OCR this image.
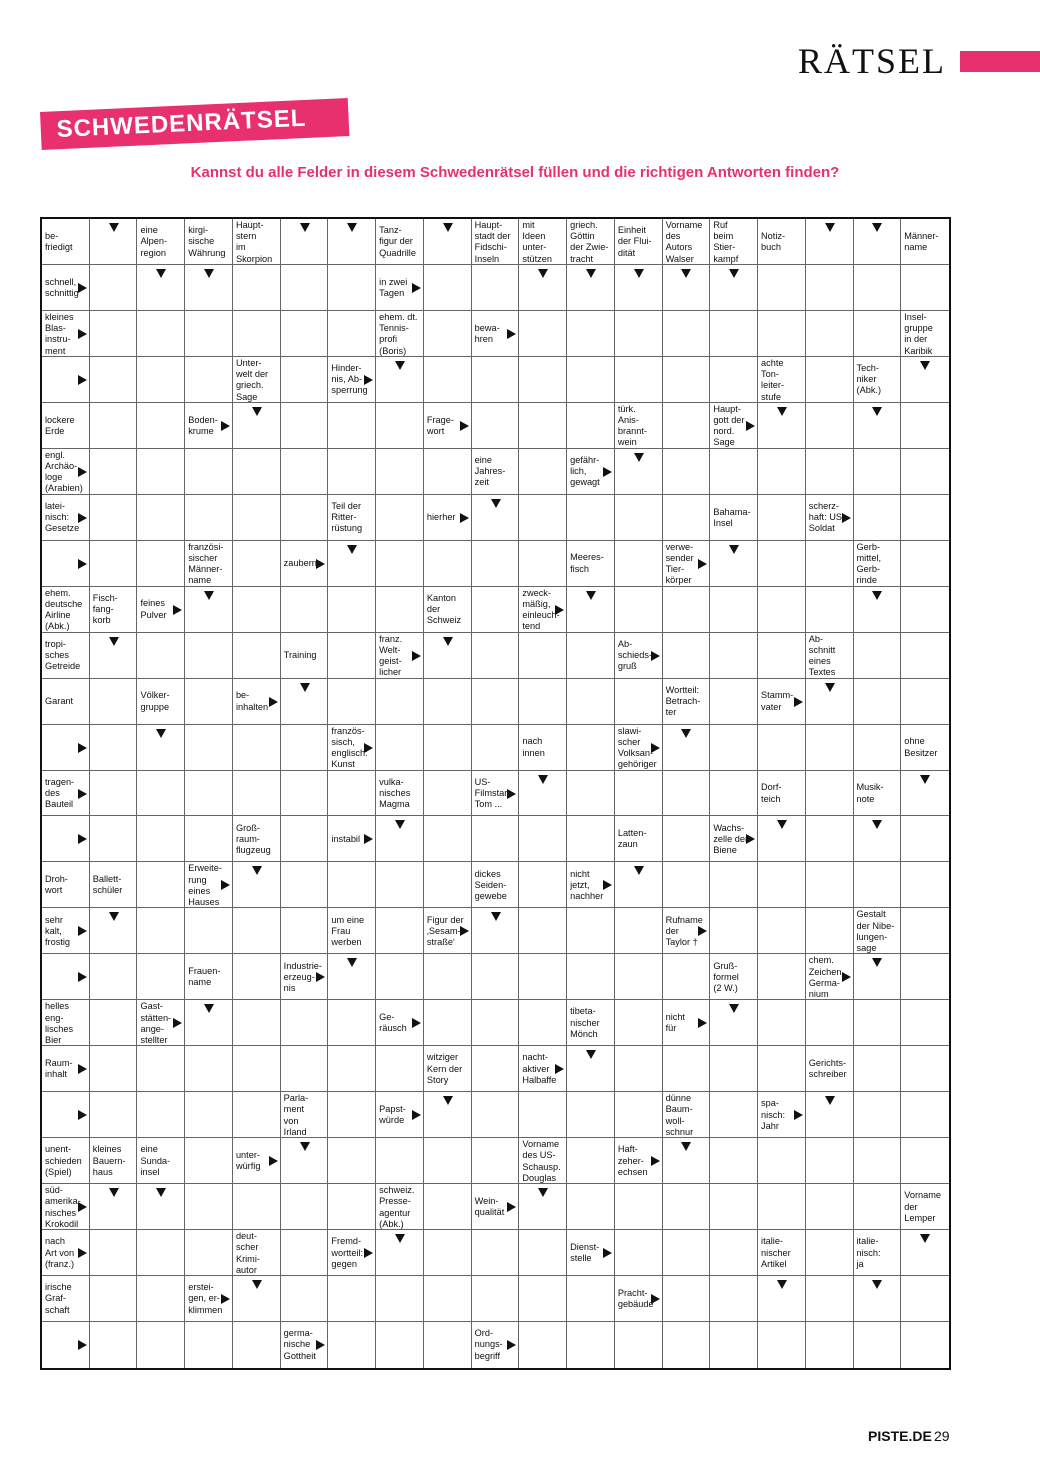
RÄTSEL
SCHWEDENRÄTSEL
Kannst du alle Felder in diesem Schwedenrätsel füllen und die richtigen Antworten finden?
be-
friedigt
eine
Alpen-
region
kirgi-
sische
Währung
Haupt-
stern
im
Skorpion
Tanz-
figur der
Quadrille
Haupt-
stadt der
Fidschi-
Inseln
mit
Ideen
unter-
stützen
griech.
Göttin
der Zwie-
tracht
Einheit
der Flui-
dität
Vorname
des
Autors
Walser
Ruf
beim
Stier-
kampf
Notiz-
buch
Männer-
name
schnell,
schnittig
in zwei
Tagen
kleines
Blas-
instru-
ment
ehem. dt.
Tennis-
profi
(Boris)
bewa-
hren
Insel-
gruppe
in der
Karibik
Unter-
welt der
griech.
Sage
Hinder-
nis, Ab-
sperrung
achte
Ton-
leiter-
stufe
Tech-
niker
(Abk.)
lockere
Erde
Boden-
krume
Frage-
wort
türk.
Anis-
brannt-
wein
Haupt-
gott der
nord.
Sage
engl.
Archäo-
loge
(Arabien)
eine
Jahres-
zeit
gefähr-
lich,
gewagt
latei-
nisch:
Gesetze
Teil der
Ritter-
rüstung
hierher
Bahama-
Insel
scherz-
haft: US-
Soldat
französi-
sischer
Männer-
name
zaubern
Meeres-
fisch
verwe-
sender
Tier-
körper
Gerb-
mittel,
Gerb-
rinde
ehem.
deutsche
Airline
(Abk.)
Fisch-
fang-
korb
feines
Pulver
Kanton
der
Schweiz
zweck-
mäßig,
einleuch-
tend
tropi-
sches
Getreide
Training
franz.
Welt-
geist-
licher
Ab-
schieds-
gruß
Ab-
schnitt
eines
Textes
Garant
Völker-
gruppe
be-
inhalten
Wortteil:
Betrach-
ter
Stamm-
vater
französ-
sisch,
englisch:
Kunst
nach
innen
slawi-
scher
Volksan-
gehöriger
ohne
Besitzer
tragen-
des
Bauteil
vulka-
nisches
Magma
US-
Filmstar,
Tom ...
Dorf-
teich
Musik-
note
Groß-
raum-
flugzeug
instabil
Latten-
zaun
Wachs-
zelle der
Biene
Droh-
wort
Ballett-
schüler
Erweite-
rung
eines
Hauses
dickes
Seiden-
gewebe
nicht
jetzt,
nachher
sehr
kalt,
frostig
um eine
Frau
werben
Figur der
‚Sesam-
straße‘
Rufname
der
Taylor †
Gestalt
der Nibe-
lungen-
sage
Frauen-
name
Industrie-
erzeug-
nis
Gruß-
formel
(2 W.)
chem.
Zeichen
Germa-
nium
helles
eng-
lisches
Bier
Gast-
stätten-
ange-
stellter
Ge-
räusch
tibeta-
nischer
Mönch
nicht
für
Raum-
inhalt
witziger
Kern der
Story
nacht-
aktiver
Halbaffe
Gerichts-
schreiber
Parla-
ment
von
Irland
Papst-
würde
dünne
Baum-
woll-
schnur
spa-
nisch:
Jahr
unent-
schieden
(Spiel)
kleines
Bauern-
haus
eine
Sunda-
insel
unter-
würfig
Vorname
des US-
Schausp.
Douglas
Haft-
zeher-
echsen
süd-
amerika-
nisches
Krokodil
schweiz.
Presse-
agentur
(Abk.)
Wein-
qualität
Vorname
der
Lemper
nach
Art von
(franz.)
deut-
scher
Krimi-
autor
Fremd-
wortteil:
gegen
Dienst-
stelle
italie-
nischer
Artikel
italie-
nisch:
ja
irische
Graf-
schaft
erstei-
gen, er-
klimmen
Pracht-
gebäude
germa-
nische
Gottheit
Ord-
nungs-
begriff
PISTE.DE 29
